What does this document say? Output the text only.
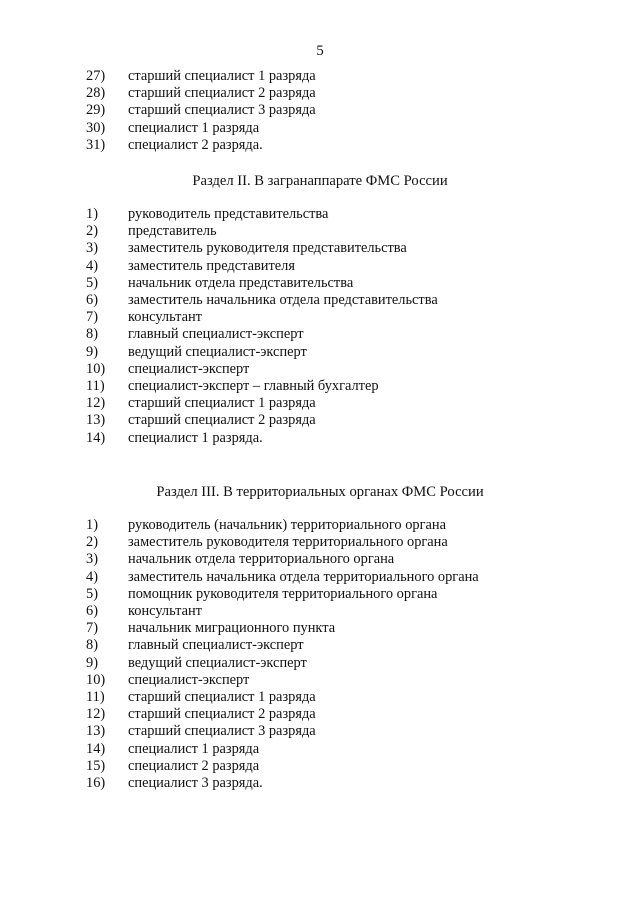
5
27) старший специалист 1 разряда
28) старший специалист 2 разряда
29) старший специалист 3 разряда
30) специалист 1 разряда
31) специалист 2 разряда.
Раздел II. В загранаппарате ФМС России
1) руководитель представительства
2) представитель
3) заместитель руководителя представительства
4) заместитель представителя
5) начальник отдела представительства
6) заместитель начальника отдела представительства
7) консультант
8) главный специалист-эксперт
9) ведущий специалист-эксперт
10) специалист-эксперт
11) специалист-эксперт – главный бухгалтер
12) старший специалист 1 разряда
13) старший специалист 2 разряда
14) специалист 1 разряда.
Раздел III. В территориальных органах ФМС России
1) руководитель (начальник) территориального органа
2) заместитель руководителя территориального органа
3) начальник отдела территориального органа
4) заместитель начальника отдела территориального органа
5) помощник руководителя территориального органа
6) консультант
7) начальник миграционного пункта
8) главный специалист-эксперт
9) ведущий специалист-эксперт
10) специалист-эксперт
11) старший специалист 1 разряда
12) старший специалист 2 разряда
13) старший специалист 3 разряда
14) специалист 1 разряда
15) специалист 2 разряда
16) специалист 3 разряда.
